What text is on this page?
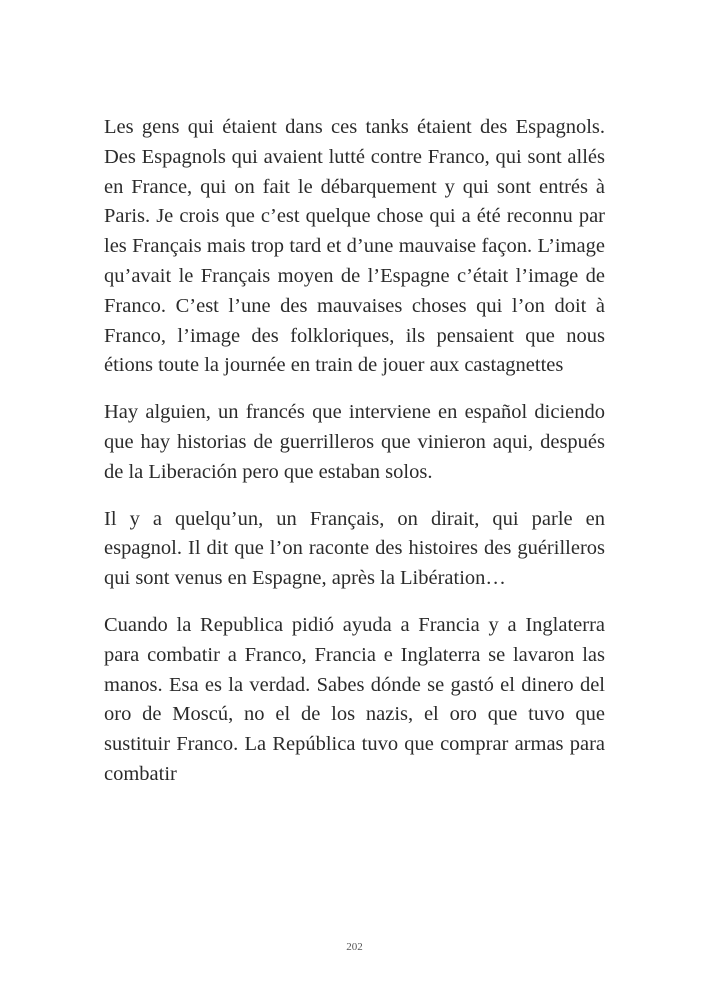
Les gens qui étaient dans ces tanks étaient des Espagnols. Des Espagnols qui avaient lutté contre Franco, qui sont allés en France, qui on fait le débarquement y qui sont entrés à Paris. Je crois que c’est quelque chose qui a été reconnu par les Français mais trop tard et d’une mauvaise façon. L’image qu’avait le Français moyen de l’Espagne c’était l’image de Franco. C’est l’une des mauvaises choses qui l’on doit à Franco, l’image des folkloriques, ils pensaient que nous étions toute la journée en train de jouer aux castagnettes

Hay alguien, un francés que interviene en español diciendo que hay historias de guerrilleros que vinieron aqui, después de la Liberación pero que estaban solos.

Il y a quelqu’un, un Français, on dirait, qui parle en espagnol. Il dit que l’on raconte des histoires des guérilleros qui sont venus en Espagne, après la Libération…

Cuando la Republica pidió ayuda a Francia y a Inglaterra para combatir a Franco, Francia e Inglaterra se lavaron las manos. Esa es la verdad. Sabes dónde se gastó el dinero del oro de Moscú, no el de los nazis, el oro que tuvo que sustituir Franco. La República tuvo que comprar armas para combatir

202
